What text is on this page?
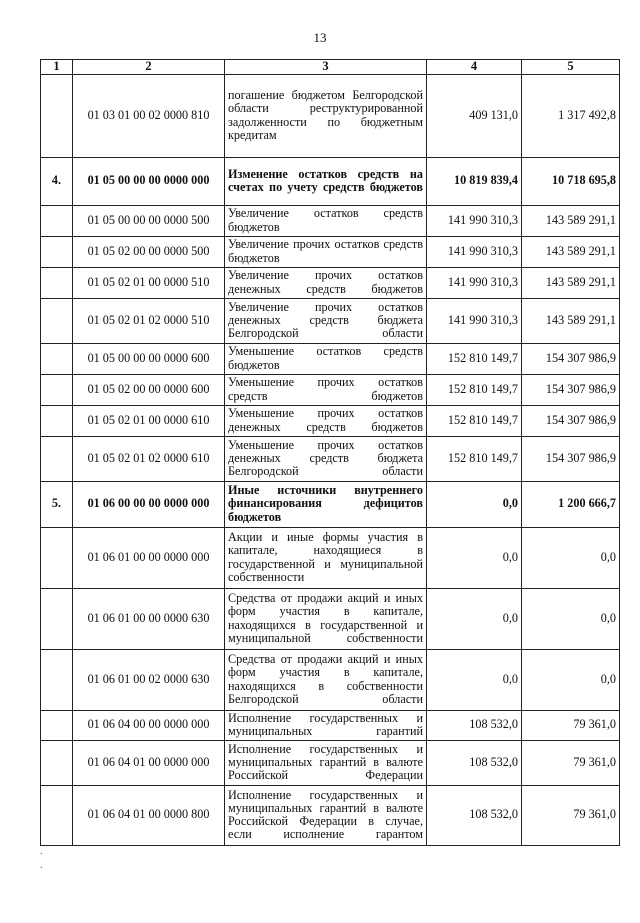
13
1	2	3	4	5
	01 03 01 00 02 0000 810	погашение бюджетом Белгородской области реструктурированной задолженности по бюджетным кредитам	409 131,0	1 317 492,8
4.	01 05 00 00 00 0000 000	Изменение остатков средств на счетах по учету средств бюджетов	10 819 839,4	10 718 695,8
	01 05 00 00 00 0000 500	Увеличение остатков средств бюджетов	141 990 310,3	143 589 291,1
	01 05 02 00 00 0000 500	Увеличение прочих остатков средств бюджетов	141 990 310,3	143 589 291,1
	01 05 02 01 00 0000 510	Увеличение прочих остатков денежных средств бюджетов	141 990 310,3	143 589 291,1
	01 05 02 01 02 0000 510	Увеличение прочих остатков денежных средств бюджета Белгородской области	141 990 310,3	143 589 291,1
	01 05 00 00 00 0000 600	Уменьшение остатков средств бюджетов	152 810 149,7	154 307 986,9
	01 05 02 00 00 0000 600	Уменьшение прочих остатков средств бюджетов	152 810 149,7	154 307 986,9
	01 05 02 01 00 0000 610	Уменьшение прочих остатков денежных средств бюджетов	152 810 149,7	154 307 986,9
	01 05 02 01 02 0000 610	Уменьшение прочих остатков денежных средств бюджета Белгородской области	152 810 149,7	154 307 986,9
5.	01 06 00 00 00 0000 000	Иные источники внутреннего финансирования дефицитов бюджетов	0,0	1 200 666,7
	01 06 01 00 00 0000 000	Акции и иные формы участия в капитале, находящиеся в государственной и муниципальной собственности	0,0	0,0
	01 06 01 00 00 0000 630	Средства от продажи акций и иных форм участия в капитале, находящихся в государственной и муниципальной собственности	0,0	0,0
	01 06 01 00 02 0000 630	Средства от продажи акций и иных форм участия в капитале, находящихся в собственности Белгородской области	0,0	0,0
	01 06 04 00 00 0000 000	Исполнение государственных и муниципальных гарантий	108 532,0	79 361,0
	01 06 04 01 00 0000 000	Исполнение государственных и муниципальных гарантий в валюте Российской Федерации	108 532,0	79 361,0
	01 06 04 01 00 0000 800	Исполнение государственных и муниципальных гарантий в валюте Российской Федерации в случае, если исполнение гарантом	108 532,0	79 361,0
.
.
